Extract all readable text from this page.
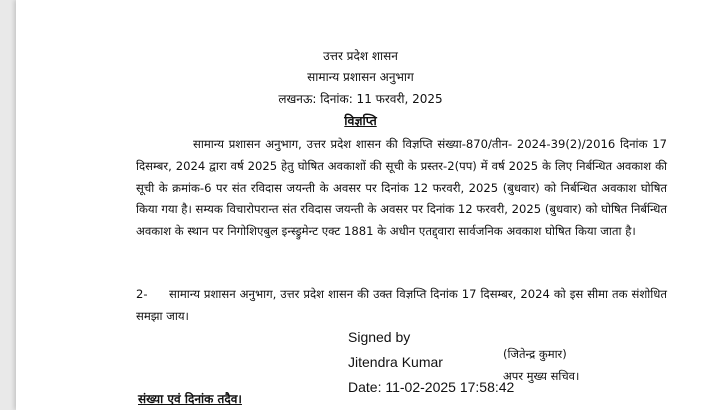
उत्तर प्रदेश शासन
सामान्य प्रशासन अनुभाग
लखनऊ: दिनांक: 11 फरवरी, 2025
विज्ञप्ति

सामान्य प्रशासन अनुभाग, उत्तर प्रदेश शासन की विज्ञप्ति संख्या-870/तीन- 2024-39(2)/2016 दिनांक 17 दिसम्बर, 2024 द्वारा वर्ष 2025 हेतु घोषित अवकाशों की सूची के प्रस्तर-2(पप) में वर्ष 2025 के लिए निर्बन्धित अवकाश की सूची के क्रमांक-6 पर संत रविदास जयन्ती के अवसर पर दिनांक 12 फरवरी, 2025 (बुधवार) को निर्बन्धित अवकाश घोषित किया गया है। सम्यक विचारोपरान्त संत रविदास जयन्ती के अवसर पर दिनांक 12 फरवरी, 2025 (बुधवार) को घोषित निर्बन्धित अवकाश के स्थान पर निगोशिएबुल इन्स्ड्रुमेन्ट एक्ट 1881 के अधीन एतद्द्वारा सार्वजनिक अवकाश घोषित किया जाता है।

2- सामान्य प्रशासन अनुभाग, उत्तर प्रदेश शासन की उक्त विज्ञप्ति दिनांक 17 दिसम्बर, 2024 को इस सीमा तक संशोधित समझा जाय।

Signed by
Jitendra Kumar
Date: 11-02-2025 17:58:42
(जितेन्द्र कुमार)
अपर मुख्य सचिव।
संख्या एवं दिनांक तदैव।
